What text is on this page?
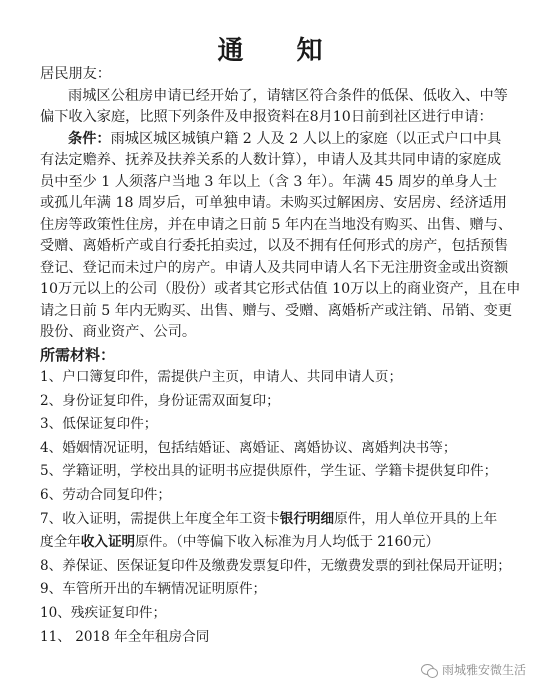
通 知
居民朋友：
雨城区公租房申请已经开始了，请辖区符合条件的低保、低收入、中等
偏下收入家庭，比照下列条件及申报资料在8月10日前到社区进行申请：
条件：雨城区城区城镇户籍 2 人及 2 人以上的家庭（以正式户口中具
有法定赡养、抚养及扶养关系的人数计算），申请人及其共同申请的家庭成
员中至少 1 人须落户当地 3 年以上（含 3 年）。年满 45 周岁的单身人士
或孤儿年满 18 周岁后，可单独申请。未购买过解困房、安居房、经济适用
住房等政策性住房，并在申请之日前 5 年内在当地没有购买、出售、赠与、
受赠、离婚析产或自行委托拍卖过，以及不拥有任何形式的房产，包括预售
登记、登记而未过户的房产。申请人及共同申请人名下无注册资金或出资额
10万元以上的公司（股份）或者其它形式估值 10万以上的商业资产，且在申
请之日前 5 年内无购买、出售、赠与、受赠、离婚析产或注销、吊销、变更
股份、商业资产、公司。
所需材料：
1、户口簿复印件，需提供户主页，申请人、共同申请人页；
2、身份证复印件，身份证需双面复印；
3、低保证复印件；
4、婚姻情况证明，包括结婚证、离婚证、离婚协议、离婚判决书等；
5、学籍证明，学校出具的证明书应提供原件，学生证、学籍卡提供复印件；
6、劳动合同复印件；
7、收入证明，需提供上年度全年工资卡银行明细原件，用人单位开具的上年
度全年收入证明原件。（中等偏下收入标准为月人均低于 2160元）
8、养保证、医保证复印件及缴费发票复印件，无缴费发票的到社保局开证明；
9、车管所开出的车辆情况证明原件；
10、残疾证复印件；
11、 2018 年全年租房合同
雨城雅安微生活
